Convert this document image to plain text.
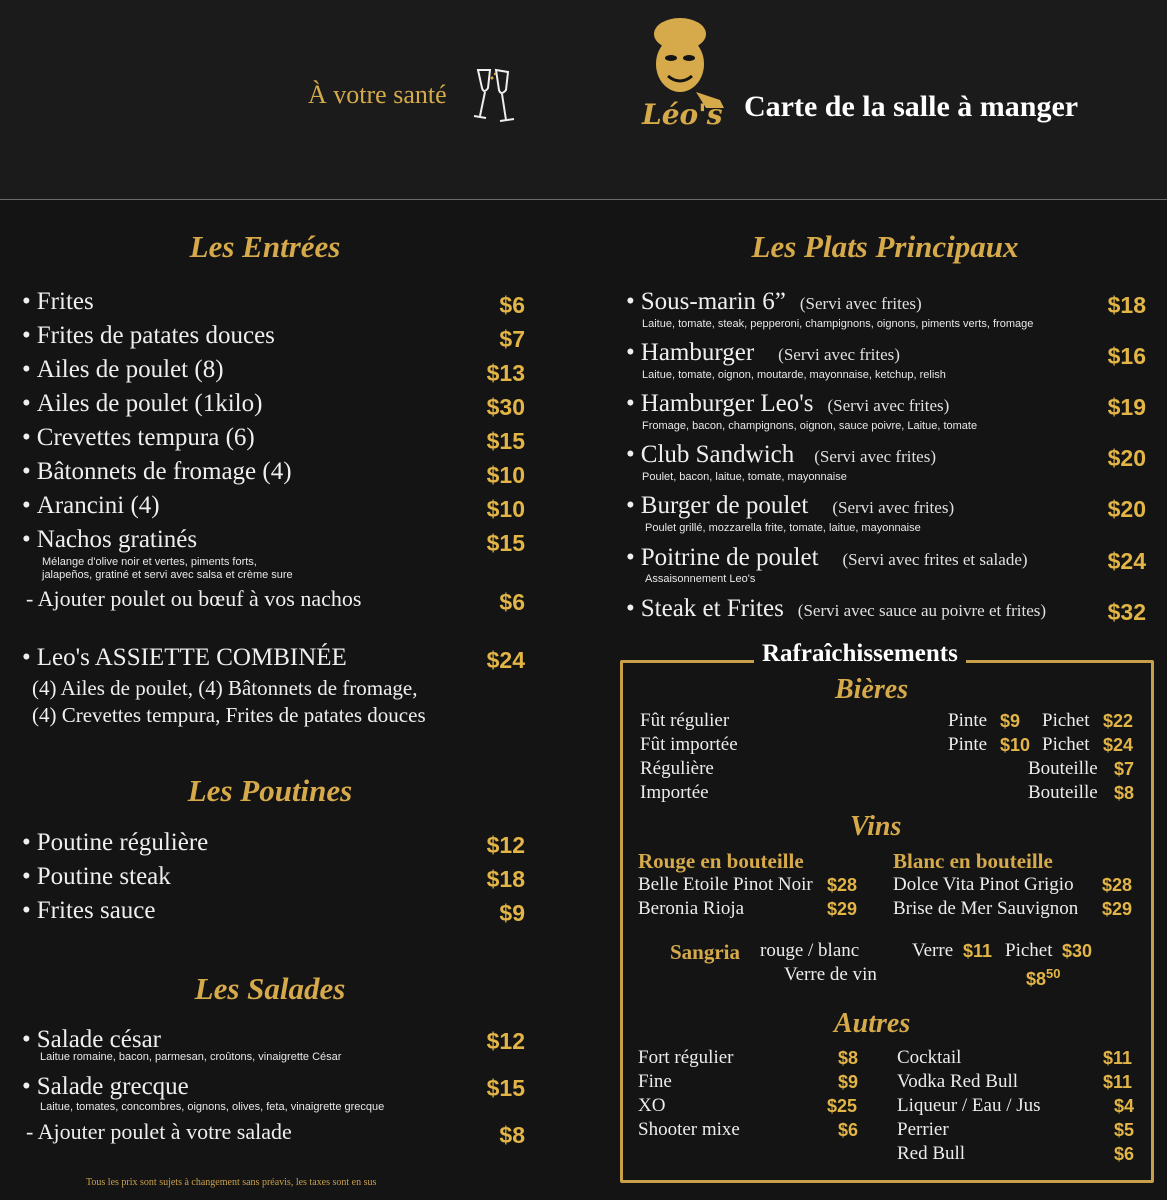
À votre santé
Léo's Carte de la salle à manger
Les Entrées
• Frites	$6
• Frites de patates douces	$7
• Ailes de poulet (8)	$13
• Ailes de poulet (1kilo)	$30
• Crevettes tempura (6)	$15
• Bâtonnets de fromage (4)	$10
• Arancini (4)	$10
• Nachos gratinés	$15
Mélange d'olive noir et vertes, piments forts,
jalapeños, gratiné et servi avec salsa et crème sure
- Ajouter poulet ou bœuf à vos nachos	$6
• Leo's ASSIETTE COMBINÉE	$24
(4) Ailes de poulet, (4) Bâtonnets de fromage,
(4) Crevettes tempura, Frites de patates douces
Les Poutines
• Poutine régulière	$12
• Poutine steak	$18
• Frites sauce	$9
Les Salades
• Salade césar	$12
Laitue romaine, bacon, parmesan, croûtons, vinaigrette César
• Salade grecque	$15
Laitue, tomates, concombres, oignons, olives, feta, vinaigrette grecque
- Ajouter poulet à votre salade	$8
Tous les prix sont sujets à changement sans préavis, les taxes sont en sus
Les Plats Principaux
• Sous-marin 6” (Servi avec frites)	$18
Laitue, tomate, steak, pepperoni, champignons, oignons, piments verts, fromage
• Hamburger (Servi avec frites)	$16
Laitue, tomate, oignon, moutarde, mayonnaise, ketchup, relish
• Hamburger Leo's (Servi avec frites)	$19
Fromage, bacon, champignons, oignon, sauce poivre, Laitue, tomate
• Club Sandwich (Servi avec frites)	$20
Poulet, bacon, laitue, tomate, mayonnaise
• Burger de poulet (Servi avec frites)	$20
Poulet grillé, mozzarella frite, tomate, laitue, mayonnaise
• Poitrine de poulet (Servi avec frites et salade)	$24
Assaisonnement Leo's
• Steak et Frites (Servi avec sauce au poivre et frites)	$32
Rafraîchissements
Bières
Fût régulier	Pinte $9 Pichet $22
Fût importée	Pinte $10 Pichet $24
Régulière	Bouteille $7
Importée	Bouteille $8
Vins
Rouge en bouteille
Belle Etoile Pinot Noir $28
Beronia Rioja	$29
Blanc en bouteille
Dolce Vita Pinot Grigio $28
Brise de Mer Sauvignon $29
Sangria rouge / blanc	Verre $11 Pichet $30
Verre de vin	$\$8^{50}$
Autres
Fort régulier	$8
Fine	$9
XO	$25
Shooter mixe	$6
Cocktail	$11
Vodka Red Bull	$11
Liqueur / Eau / Jus	$4
Perrier	$5
Red Bull	$6
